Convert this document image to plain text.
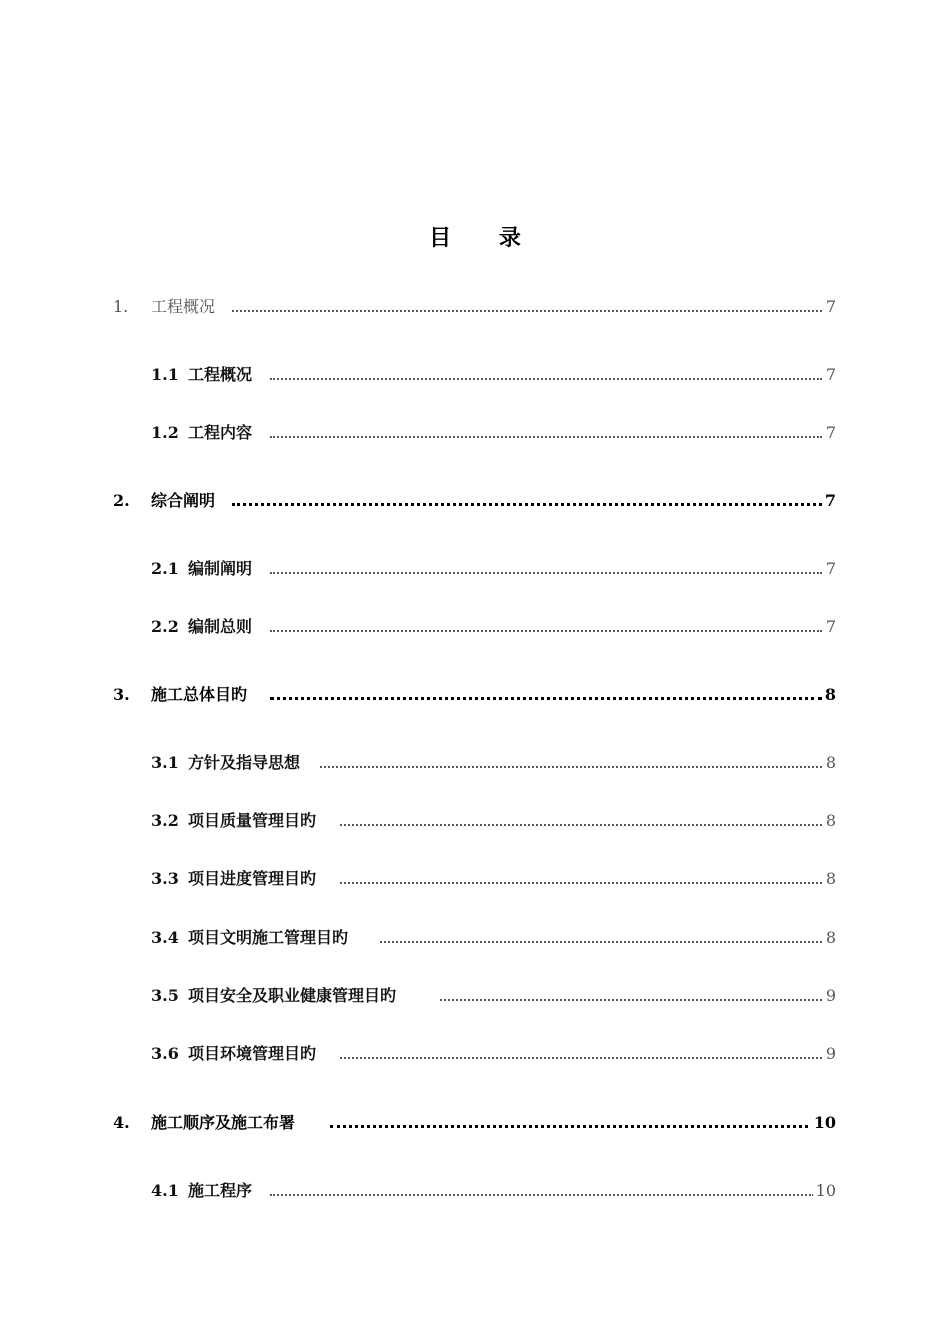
目 录
1. 工程概况	7
1.1 工程概况	7
1.2 工程内容	7
2. 综合阐明	7
2.1 编制阐明	7
2.2 编制总则	7
3. 施工总体目旳	8
3.1 方针及指导思想	8
3.2 项目质量管理目旳	8
3.3 项目进度管理目旳	8
3.4 项目文明施工管理目旳	8
3.5 项目安全及职业健康管理目旳	9
3.6 项目环境管理目旳	9
4. 施工顺序及施工布署	10
4.1 施工程序	10
